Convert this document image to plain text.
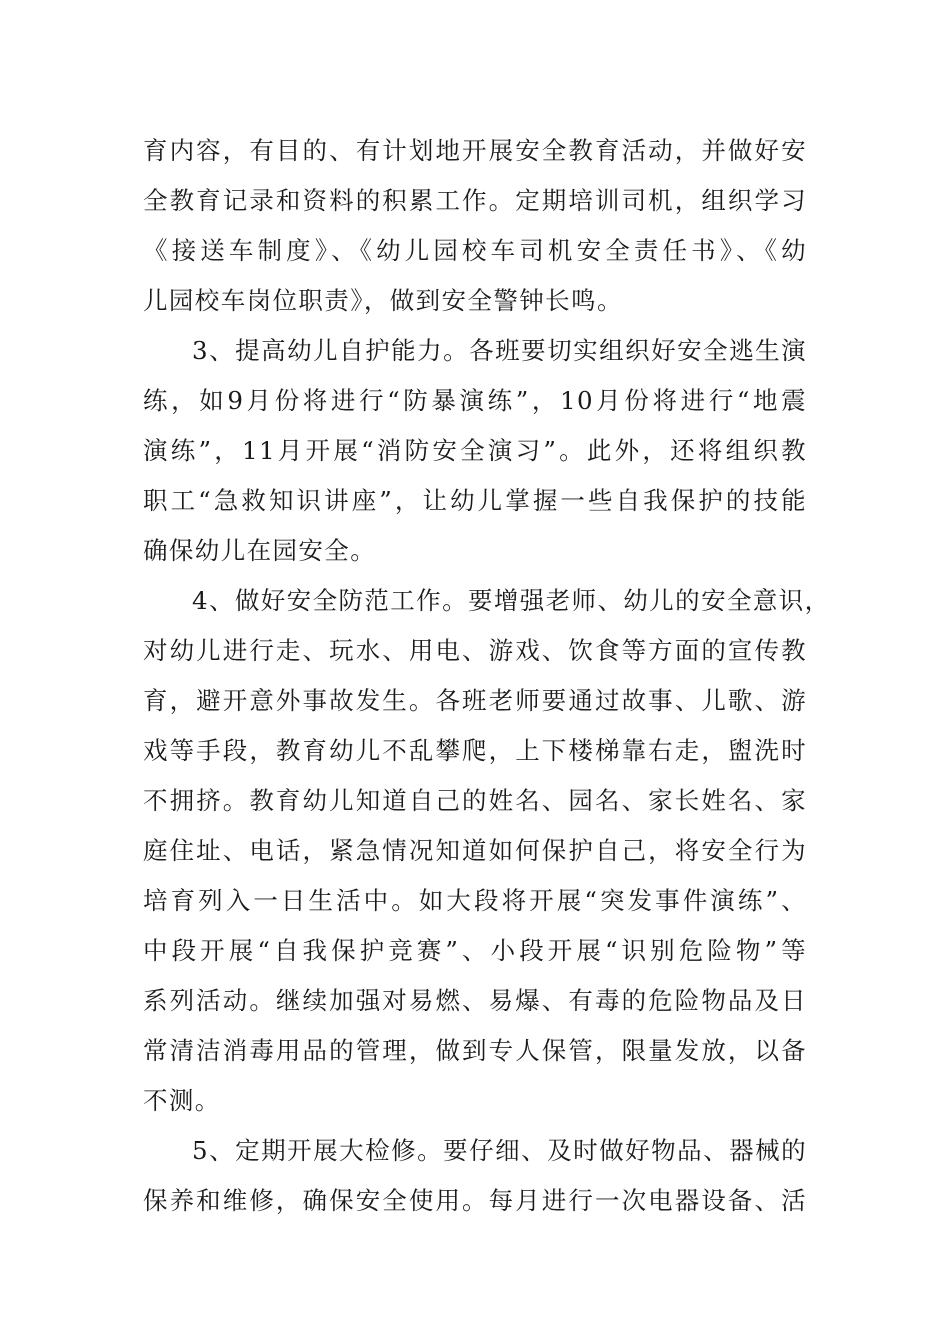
育内容，有目的、有计划地开展安全教育活动，并做好安
全教育记录和资料的积累工作。定期培训司机，组织学习
《接送车制度》、《幼儿园校车司机安全责任书》、《幼
儿园校车岗位职责》，做到安全警钟长鸣。
3、提高幼儿自护能力。各班要切实组织好安全逃生演
练，如9月份将进行“防暴演练”，10月份将进行“地震
演练”，11月开展“消防安全演习”。此外，还将组织教
职工“急救知识讲座”，让幼儿掌握一些自我保护的技能
确保幼儿在园安全。
4、做好安全防范工作。要增强老师、幼儿的安全意识，
对幼儿进行走、玩水、用电、游戏、饮食等方面的宣传教
育，避开意外事故发生。各班老师要通过故事、儿歌、游
戏等手段，教育幼儿不乱攀爬，上下楼梯靠右走，盥洗时
不拥挤。教育幼儿知道自己的姓名、园名、家长姓名、家
庭住址、电话，紧急情况知道如何保护自己，将安全行为
培育列入一日生活中。如大段将开展“突发事件演练”、
中段开展“自我保护竞赛”、小段开展“识别危险物”等
系列活动。继续加强对易燃、易爆、有毒的危险物品及日
常清洁消毒用品的管理，做到专人保管，限量发放，以备
不测。
5、定期开展大检修。要仔细、及时做好物品、器械的
保养和维修，确保安全使用。每月进行一次电器设备、活
